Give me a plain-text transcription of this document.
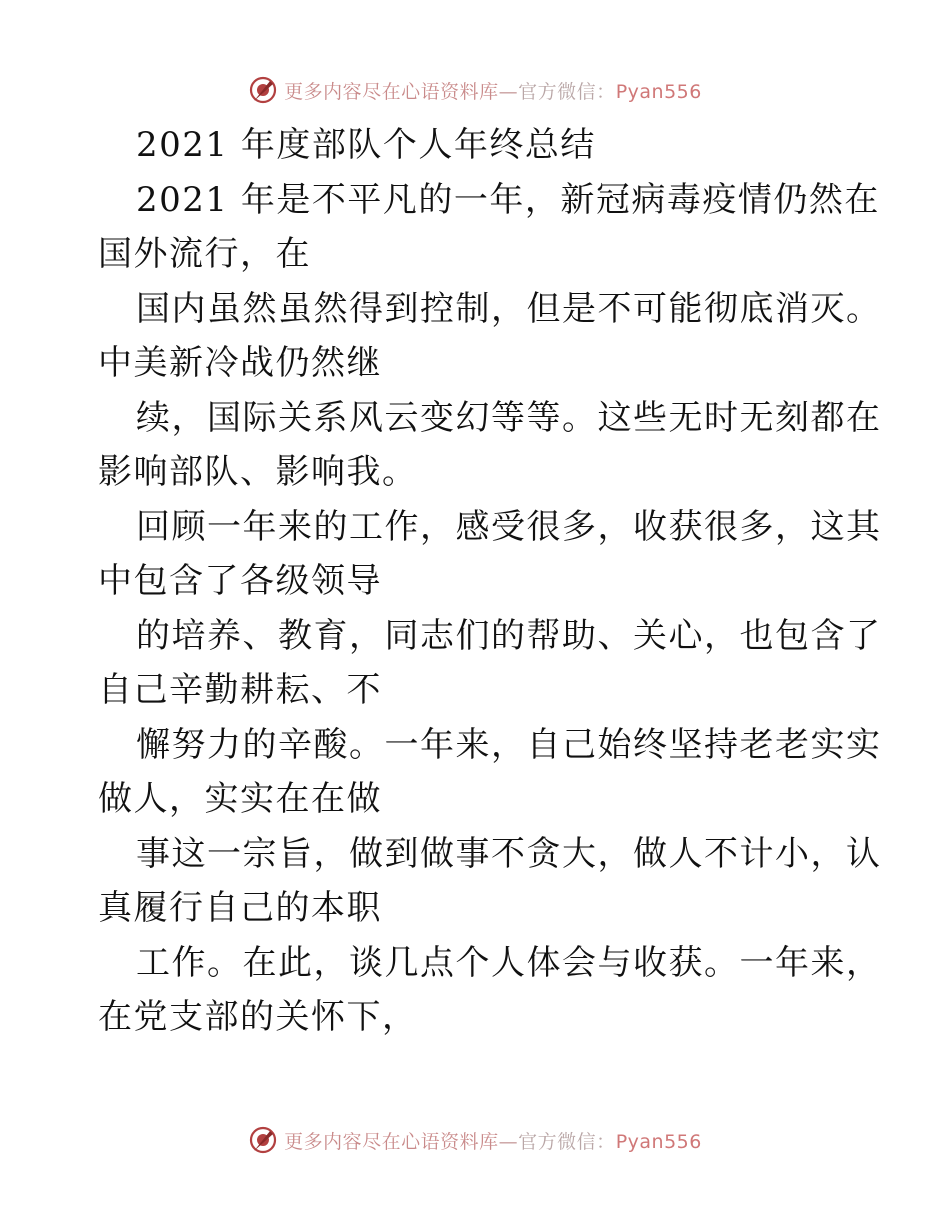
更多内容尽在心语资料库—官方微信：Pyan556
2021 年度部队个人年终总结
2021 年是不平凡的一年，新冠病毒疫情仍然在
国外流行，在
国内虽然虽然得到控制，但是不可能彻底消灭。
中美新冷战仍然继
续，国际关系风云变幻等等。这些无时无刻都在
影响部队、影响我。
回顾一年来的工作，感受很多，收获很多，这其
中包含了各级领导
的培养、教育，同志们的帮助、关心，也包含了
自己辛勤耕耘、不
懈努力的辛酸。一年来，自己始终坚持老老实实
做人，实实在在做
事这一宗旨，做到做事不贪大，做人不计小，认
真履行自己的本职
工作。在此，谈几点个人体会与收获。一年来，
在党支部的关怀下，
更多内容尽在心语资料库—官方微信：Pyan556
